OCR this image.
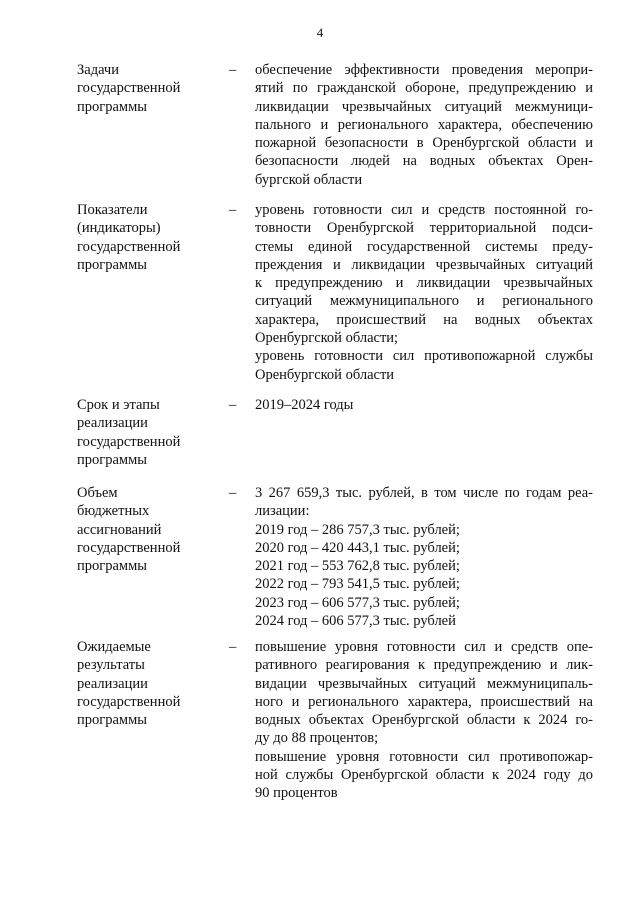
4
Задачи
государственной
программы
– обеспечение эффективности проведения меропри-
ятий по гражданской обороне, предупреждению и
ликвидации чрезвычайных ситуаций межмуници-
пального и регионального характера, обеспечению
пожарной безопасности в Оренбургской области и
безопасности людей на водных объектах Орен-
бургской области
Показатели
(индикаторы)
государственной
программы
– уровень готовности сил и средств постоянной го-
товности Оренбургской территориальной подси-
стемы единой государственной системы преду-
преждения и ликвидации чрезвычайных ситуаций
к предупреждению и ликвидации чрезвычайных
ситуаций межмуниципального и регионального
характера, происшествий на водных объектах
Оренбургской области;
уровень готовности сил противопожарной службы
Оренбургской области
Срок и этапы
реализации
государственной
программы
– 2019–2024 годы
Объем
бюджетных
ассигнований
государственной
программы
– 3 267 659,3 тыс. рублей, в том числе по годам реа-
лизации:
2019 год – 286 757,3 тыс. рублей;
2020 год – 420 443,1 тыс. рублей;
2021 год – 553 762,8 тыс. рублей;
2022 год – 793 541,5 тыс. рублей;
2023 год – 606 577,3 тыс. рублей;
2024 год – 606 577,3 тыс. рублей
Ожидаемые
результаты
реализации
государственной
программы
– повышение уровня готовности сил и средств опе-
ративного реагирования к предупреждению и лик-
видации чрезвычайных ситуаций межмуниципаль-
ного и регионального характера, происшествий на
водных объектах Оренбургской области к 2024 го-
ду до 88 процентов;
повышение уровня готовности сил противопожар-
ной службы Оренбургской области к 2024 году до
90 процентов
